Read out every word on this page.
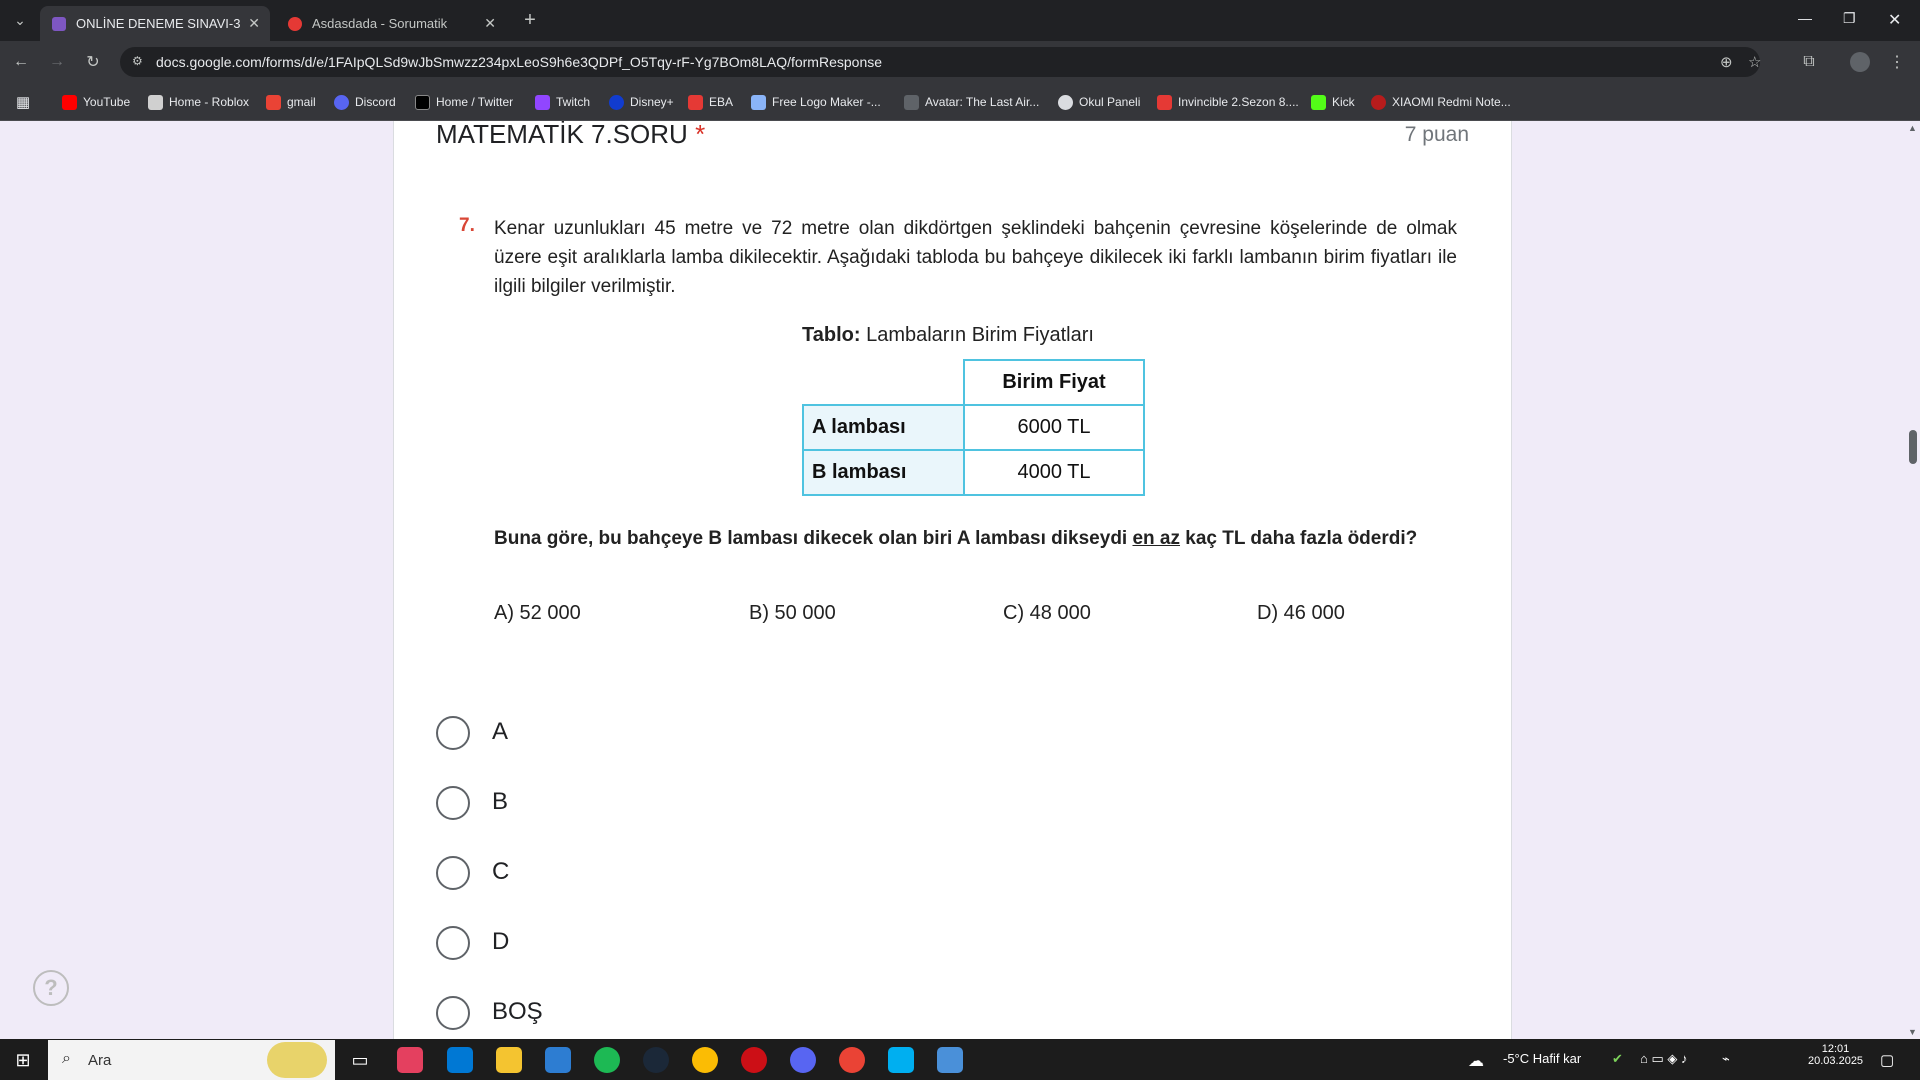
⌄	ONLİNE DENEME SINAVI-3 ✕	Asdasdada - Sorumatik	✕	+	— ❐ ✕
← → ↻	⚙ docs.google.com/forms/d/e/1FAIpQLSd9wJbSmwzz234pxLeoS9h6e3QDPf_O5Tqy-rF-Yg7BOm8LAQ/formResponse	⊕ ☆	⧉	⋮
▦	YouTube	Home - Roblox	gmail	Discord	Home / Twitter	Twitch	Disney+	EBA	Free Logo Maker -...	Avatar: The Last Air...	Okul Paneli	Invincible 2.Sezon 8....	Kick	XIAOMI Redmi Note...
MATEMATİK 7.SORU *	7 puan
7. Kenar uzunlukları 45 metre ve 72 metre olan dikdörtgen şeklindeki bahçenin çevresine köşelerinde de olmak üzere eşit aralıklarla lamba dikilecektir. Aşağıdaki tabloda bu bahçeye dikilecek iki farklı lambanın birim fiyatları ile ilgili bilgiler verilmiştir.
Tablo: Lambaların Birim Fiyatları
	Birim Fiyat
A lambası	6000 TL
B lambası	4000 TL
Buna göre, bu bahçeye B lambası dikecek olan biri A lambası dikseydi en az kaç TL daha fazla öderdi?
A) 52 000	B) 50 000	C) 48 000	D) 46 000
A
B
C
D
BOŞ
?
▲
▼
⊞	⌕ Ara	▭	☁ -5°C Hafif kar ✔ ⌂ ▭ ◈ ♪	⌁
12:01
20.03.2025 ▢
